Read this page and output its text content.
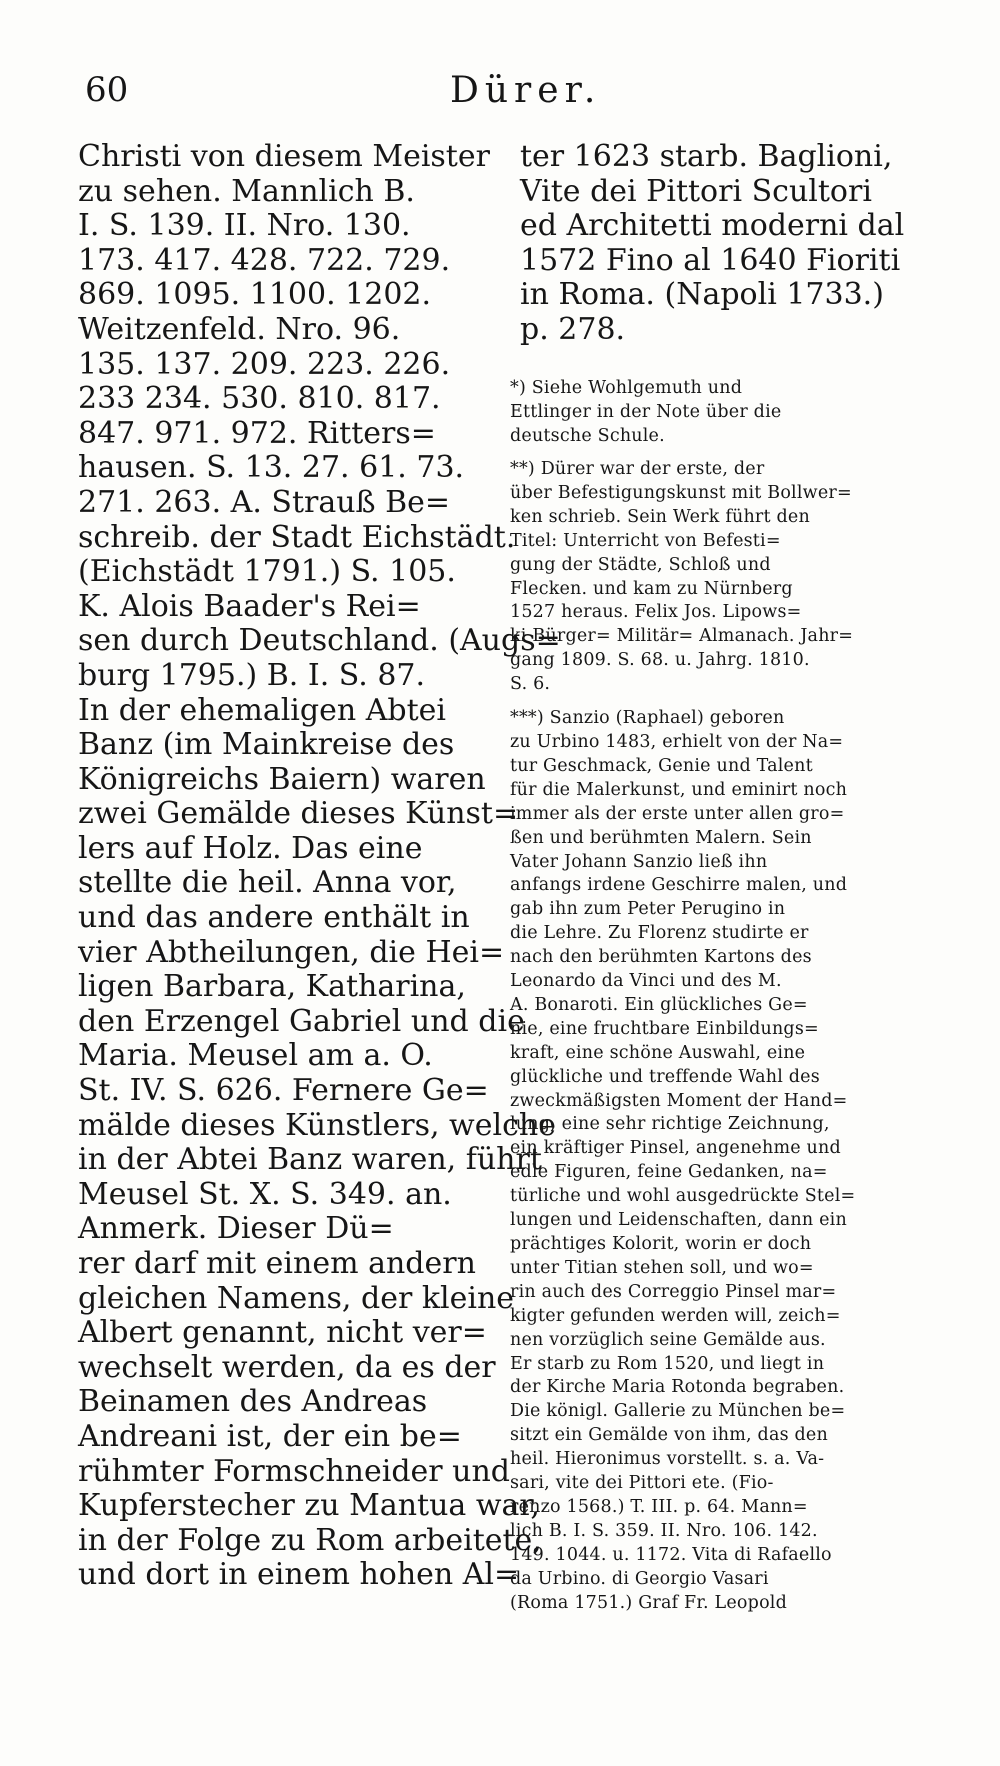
60	Dürer.
Christi von diesem Meister
zu sehen. Mannlich B.
I. S. 139. II. Nro. 130.
173. 417. 428. 722. 729.
869. 1095. 1100. 1202.
Weitzenfeld. Nro. 96.
135. 137. 209. 223. 226.
233 234. 530. 810. 817.
847. 971. 972. Ritters=
hausen. S. 13. 27. 61. 73.
271. 263. A. Strauß Be=
schreib. der Stadt Eichstädt.
(Eichstädt 1791.) S. 105.
K. Alois Baader's Rei=
sen durch Deutschland. (Augs=
burg 1795.) B. I. S. 87.
In der ehemaligen Abtei
Banz (im Mainkreise des
Königreichs Baiern) waren
zwei Gemälde dieses Künst=
lers auf Holz. Das eine
stellte die heil. Anna vor,
und das andere enthält in
vier Abtheilungen, die Hei=
ligen Barbara, Katharina,
den Erzengel Gabriel und die
Maria. Meusel am a. O.
St. IV. S. 626. Fernere Ge=
mälde dieses Künstlers, welche
in der Abtei Banz waren, führt
Meusel St. X. S. 349. an.
Anmerk. Dieser Dü=
rer darf mit einem andern
gleichen Namens, der kleine
Albert genannt, nicht ver=
wechselt werden, da es der
Beinamen des Andreas
Andreani ist, der ein be=
rühmter Formschneider und
Kupferstecher zu Mantua war,
in der Folge zu Rom arbeitete,
und dort in einem hohen Al=
ter 1623 starb. Baglioni,
Vite dei Pittori Scultori
ed Architetti moderni dal
1572 Fino al 1640 Fioriti
in Roma. (Napoli 1733.)
p. 278.
*) Siehe Wohlgemuth und
Ettlinger in der Note über die
deutsche Schule.
**) Dürer war der erste, der
über Befestigungskunst mit Bollwer=
ken schrieb. Sein Werk führt den
Titel: Unterricht von Befesti=
gung der Städte, Schloß und
Flecken. und kam zu Nürnberg
1527 heraus. Felix Jos. Lipows=
ki Bürger= Militär= Almanach. Jahr=
gang 1809. S. 68. u. Jahrg. 1810.
S. 6.
***) Sanzio (Raphael) geboren
zu Urbino 1483, erhielt von der Na=
tur Geschmack, Genie und Talent
für die Malerkunst, und eminirt noch
immer als der erste unter allen gro=
ßen und berühmten Malern. Sein
Vater Johann Sanzio ließ ihn
anfangs irdene Geschirre malen, und
gab ihn zum Peter Perugino in
die Lehre. Zu Florenz studirte er
nach den berühmten Kartons des
Leonardo da Vinci und des M.
A. Bonaroti. Ein glückliches Ge=
nie, eine fruchtbare Einbildungs=
kraft, eine schöne Auswahl, eine
glückliche und treffende Wahl des
zweckmäßigsten Moment der Hand=
lung, eine sehr richtige Zeichnung,
ein kräftiger Pinsel, angenehme und
edle Figuren, feine Gedanken, na=
türliche und wohl ausgedrückte Stel=
lungen und Leidenschaften, dann ein
prächtiges Kolorit, worin er doch
unter Titian stehen soll, und wo=
rin auch des Correggio Pinsel mar=
kigter gefunden werden will, zeich=
nen vorzüglich seine Gemälde aus.
Er starb zu Rom 1520, und liegt in
der Kirche Maria Rotonda begraben.
Die königl. Gallerie zu München be=
sitzt ein Gemälde von ihm, das den
heil. Hieronimus vorstellt. s. a. Va-
sari, vite dei Pittori ete. (Fio-
renzo 1568.) T. III. p. 64. Mann=
lich B. I. S. 359. II. Nro. 106. 142.
149. 1044. u. 1172. Vita di Rafaello
da Urbino. di Georgio Vasari
(Roma 1751.) Graf Fr. Leopold
